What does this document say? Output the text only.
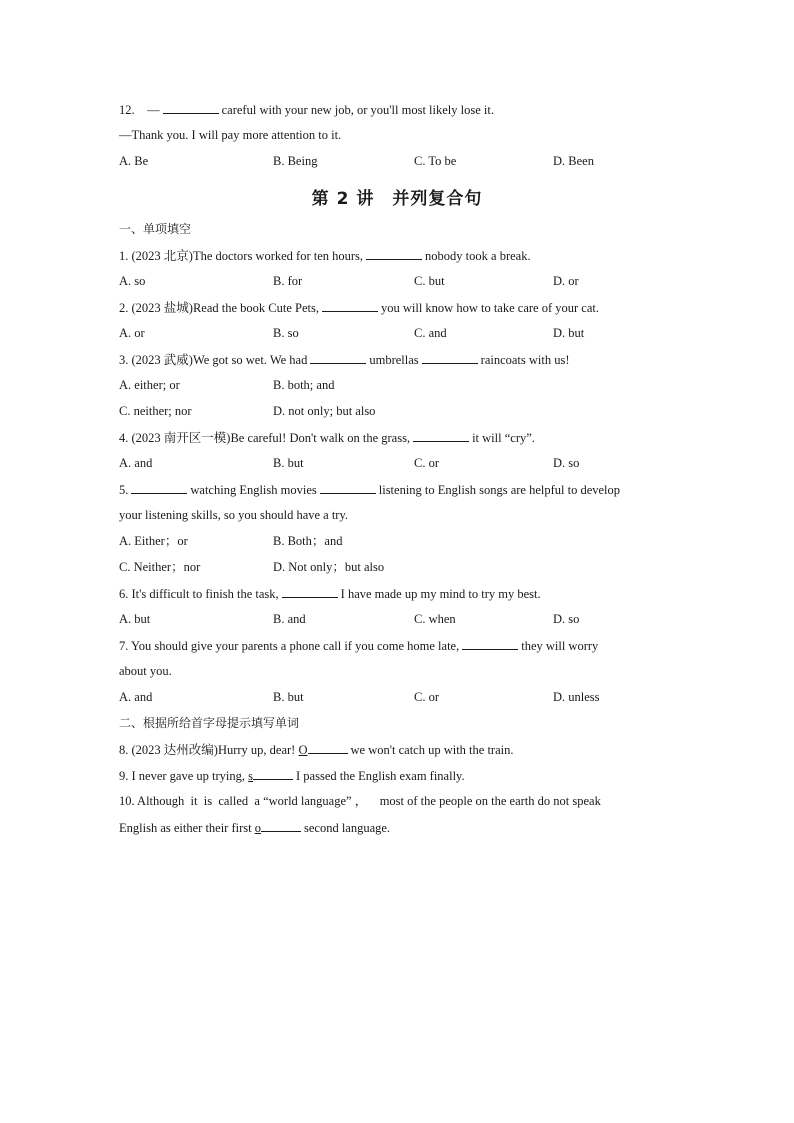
12. —	careful with your new job, or you'll most likely lose it.
—Thank you. I will pay more attention to it.
A. Be	B. Being	C. To be	D. Been
第 2 讲　并列复合句
一、单项填空
1. (2023 北京)The doctors worked for ten hours,	nobody took a break.
A. so	B. for	C. but	D. or
2. (2023 盐城)Read the book Cute Pets,	you will know how to take care of your cat.
A. or	B. so	C. and	D. but
3. (2023 武威)We got so wet. We had	umbrellas	raincoats with us!
A. either; or	B. both; and
C. neither; nor	D. not only; but also
4. (2023 南开区一模)Be careful! Don't walk on the grass,	it will “cry”.
A. and	B. but	C. or	D. so
5.	watching English movies	listening to English songs are helpful to develop
your listening skills, so you should have a try.
A. Either；or	B. Both；and
C. Neither；nor	D. Not only；but also
6. It's difficult to finish the task,	I have made up my mind to try my best.
A. but	B. and	C. when	D. so
7. You should give your parents a phone call if you come home late,	they will worry
about you.
A. and	B. but	C. or	D. unless
二、根据所给首字母提示填写单词
8. (2023 达州改编)Hurry up, dear! O	we won't catch up with the train.
9. I never gave up trying, s	I passed the English exam finally.
10. Although  it  is  called  a “world language” ，    most of the people on the earth do not speak
English as either their first o	second language.
